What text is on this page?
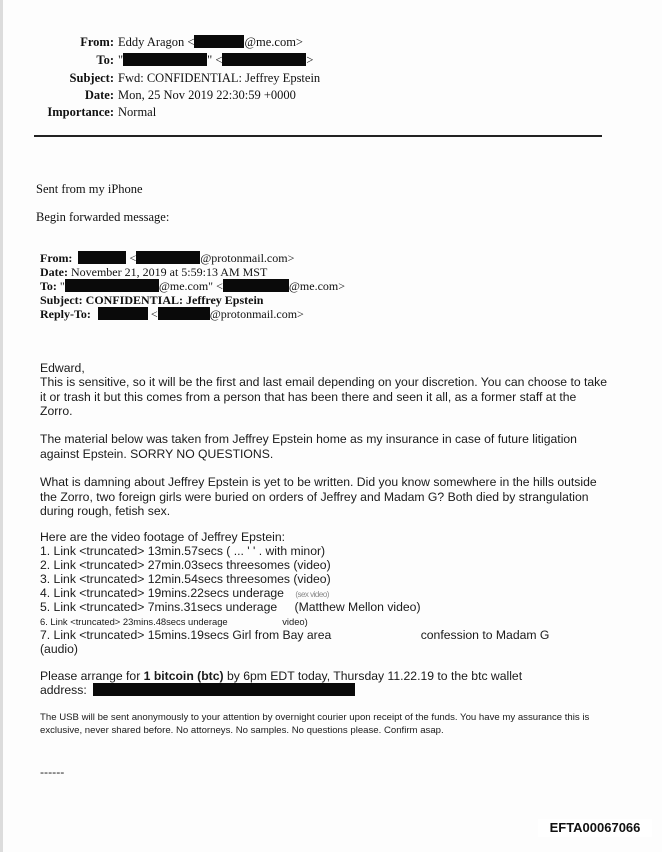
From: Eddy Aragon <	@me.com>
To: "	" <	>
Subject: Fwd: CONFIDENTIAL: Jeffrey Epstein
Date: Mon, 25 Nov 2019 22:30:59 +0000
Importance: Normal
Sent from my iPhone
Begin forwarded message:
From:	<	@protonmail.com>
Date: November 21, 2019 at 5:59:13 AM MST
To: "	@me.com" <	@me.com>
Subject: CONFIDENTIAL: Jeffrey Epstein
Reply-To:	<	@protonmail.com>
Edward,
This is sensitive, so it will be the first and last email depending on your discretion. You can choose to take it or trash it but this comes from a person that has been there and seen it all, as a former staff at the Zorro.
The material below was taken from Jeffrey Epstein home as my insurance in case of future litigation against Epstein. SORRY NO QUESTIONS.
What is damning about Jeffrey Epstein is yet to be written. Did you know somewhere in the hills outside the Zorro, two foreign girls were buried on orders of Jeffrey and Madam G? Both died by strangulation during rough, fetish sex.
Here are the video footage of Jeffrey Epstein:
1. Link <truncated> 13min.57secs ( ... ' ' . with minor)
2. Link <truncated> 27min.03secs threesomes (video)
3. Link <truncated> 12min.54secs threesomes (video)
4. Link <truncated> 19mins.22secs underage (sex video)
5. Link <truncated> 7mins.31secs underage (Matthew Mellon video)
6. Link <truncated> 23mins.48secs underage	video)
7. Link <truncated> 15mins.19secs Girl from Bay area	confession to Madam G
(audio)
Please arrange for 1 bitcoin (btc) by 6pm EDT today, Thursday 11.22.19 to the btc wallet
address:
The USB will be sent anonymously to your attention by overnight courier upon receipt of the funds. You have my assurance this is exclusive, never shared before. No attorneys. No samples. No questions please. Confirm asap.
------
EFTA00067066
